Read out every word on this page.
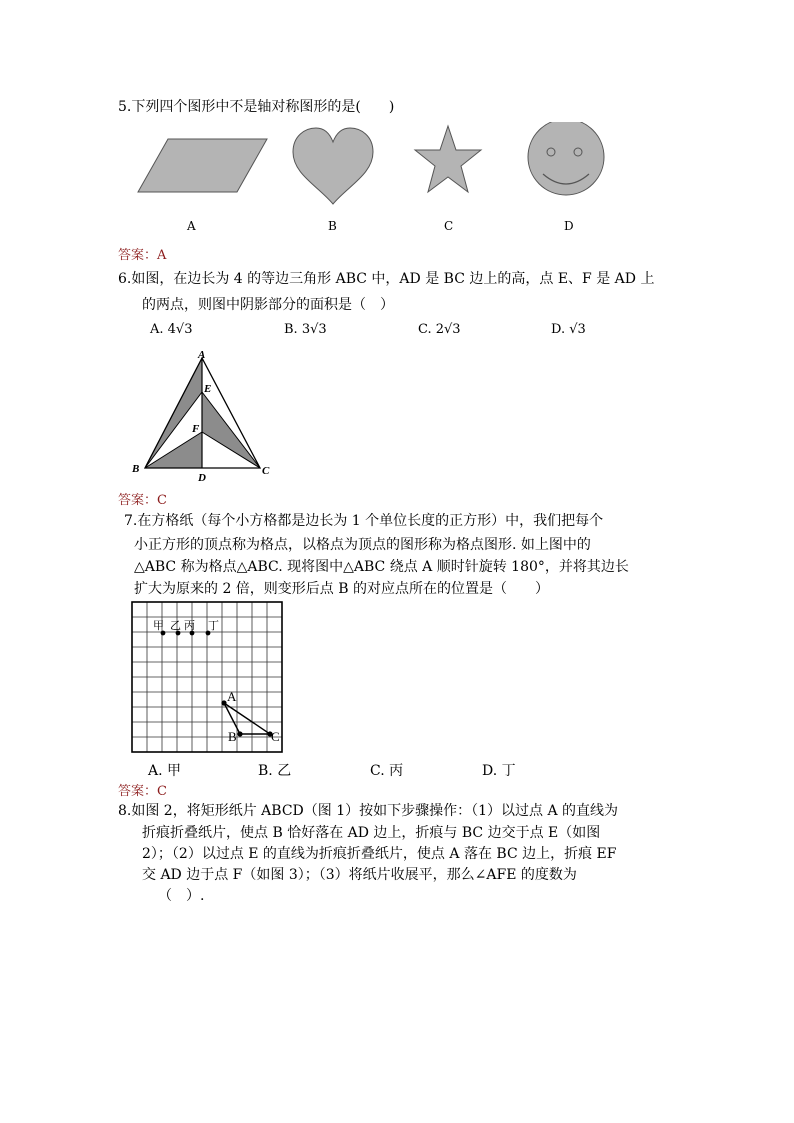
5.下列四个图形中不是轴对称图形的是(　　)
A	B	C	D
答案：A
6.如图，在边长为 4 的等边三角形 ABC 中，AD 是 BC 边上的高，点 E、F 是 AD 上
的两点，则图中阴影部分的面积是（　）
A. 4√3	B. 3√3	C. 2√3	D. √3
A
E
F
B
D
C
答案：C
7.在方格纸（每个小方格都是边长为 1 个单位长度的正方形）中，我们把每个
小正方形的顶点称为格点，以格点为顶点的图形称为格点图形. 如上图中的
△ABC 称为格点△ABC. 现将图中△ABC 绕点 A 顺时针旋转 180°，并将其边长
扩大为原来的 2 倍，则变形后点 B 的对应点所在的位置是（　　）
甲 乙 丙 丁
A
B	C
A. 甲	B. 乙	C. 丙	D. 丁
答案：C
8.如图 2，将矩形纸片 ABCD（图 1）按如下步骤操作：（1）以过点 A 的直线为
折痕折叠纸片，使点 B 恰好落在 AD 边上，折痕与 BC 边交于点 E（如图
2）；（2）以过点 E 的直线为折痕折叠纸片，使点 A 落在 BC 边上，折痕 EF
交 AD 边于点 F（如图 3）；（3）将纸片收展平，那么∠AFE 的度数为
（　）.
